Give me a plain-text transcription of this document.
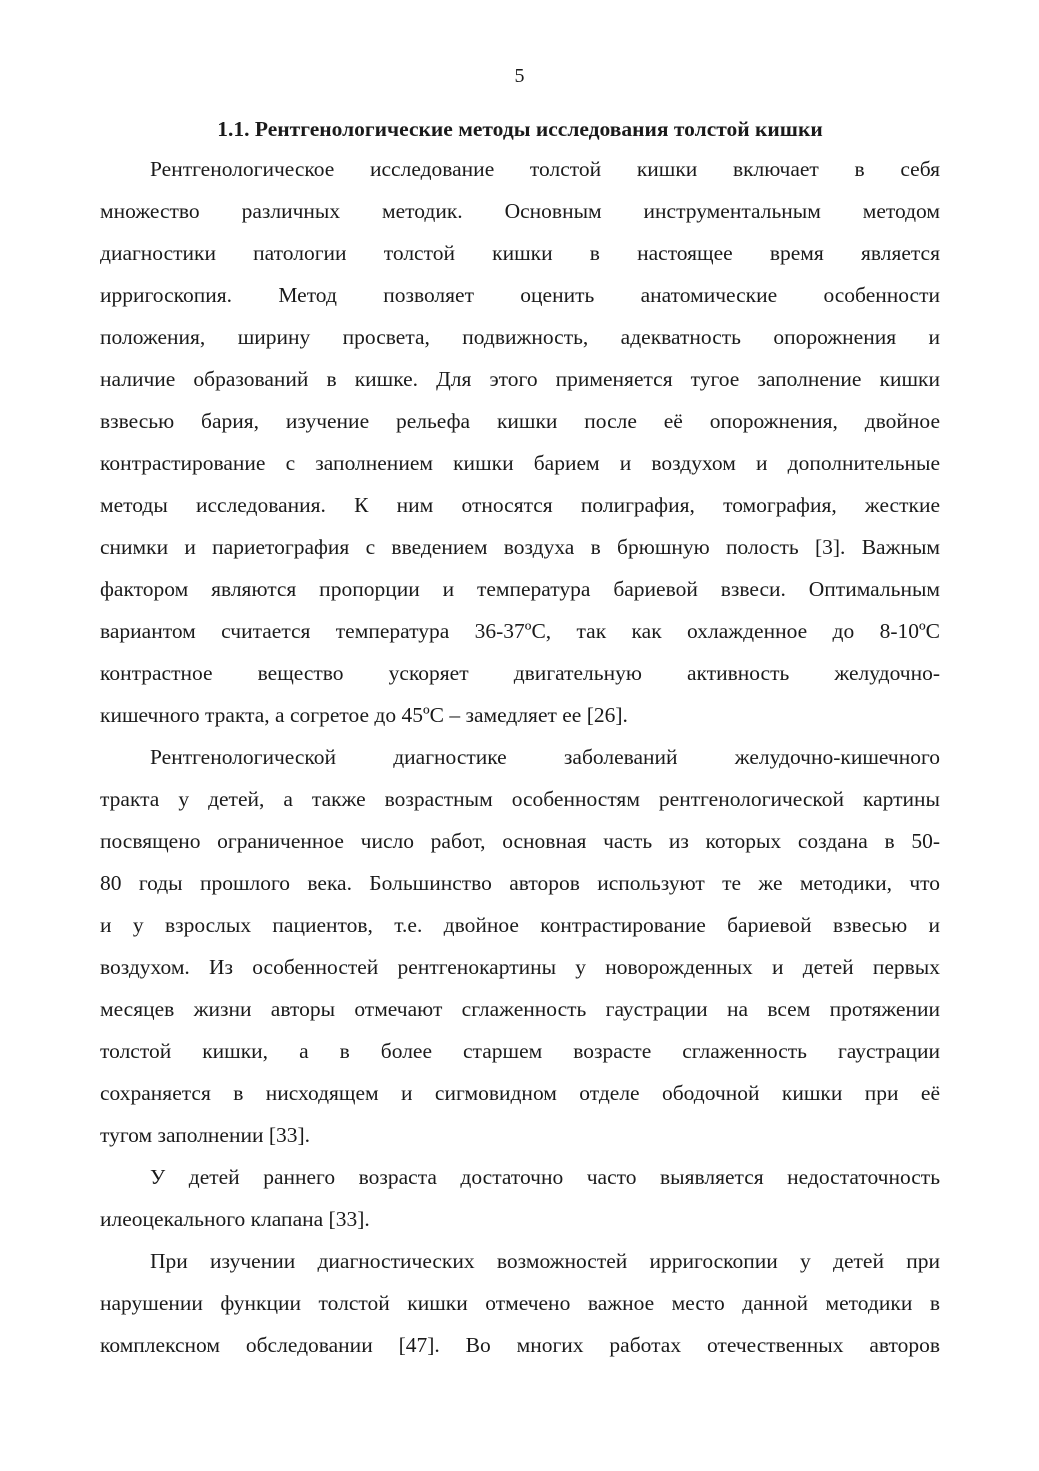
5
1.1. Рентгенологические методы исследования толстой кишки
Рентгенологическое исследование толстой кишки включает в себя
множество различных методик. Основным инструментальным методом
диагностики патологии толстой кишки в настоящее время является
ирригоскопия. Метод позволяет оценить анатомические особенности
положения, ширину просвета, подвижность, адекватность опорожнения и
наличие образований в кишке. Для этого применяется тугое заполнение кишки
взвесью бария, изучение рельефа кишки после её опорожнения, двойное
контрастирование с заполнением кишки барием и воздухом и дополнительные
методы исследования. К ним относятся полиграфия, томография, жесткие
снимки и париетография с введением воздуха в брюшную полость [3]. Важным
фактором являются пропорции и температура бариевой взвеси. Оптимальным
вариантом считается температура 36-37ºC, так как охлажденное до 8-10ºC
контрастное вещество ускоряет двигательную активность желудочно-
кишечного тракта, а согретое до 45ºC – замедляет ее [26].
Рентгенологической диагностике заболеваний желудочно-кишечного
тракта у детей, а также возрастным особенностям рентгенологической картины
посвящено ограниченное число работ, основная часть из которых создана в 50-
80 годы прошлого века. Большинство авторов используют те же методики, что
и у взрослых пациентов, т.е. двойное контрастирование бариевой взвесью и
воздухом. Из особенностей рентгенокартины у новорожденных и детей первых
месяцев жизни авторы отмечают сглаженность гаустрации на всем протяжении
толстой кишки, а в более старшем возрасте сглаженность гаустрации
сохраняется в нисходящем и сигмовидном отделе ободочной кишки при её
тугом заполнении [33].
У детей раннего возраста достаточно часто выявляется недостаточность
илеоцекального клапана [33].
При изучении диагностических возможностей ирригоскопии у детей при
нарушении функции толстой кишки отмечено важное место данной методики в
комплексном обследовании [47]. Во многих работах отечественных авторов
